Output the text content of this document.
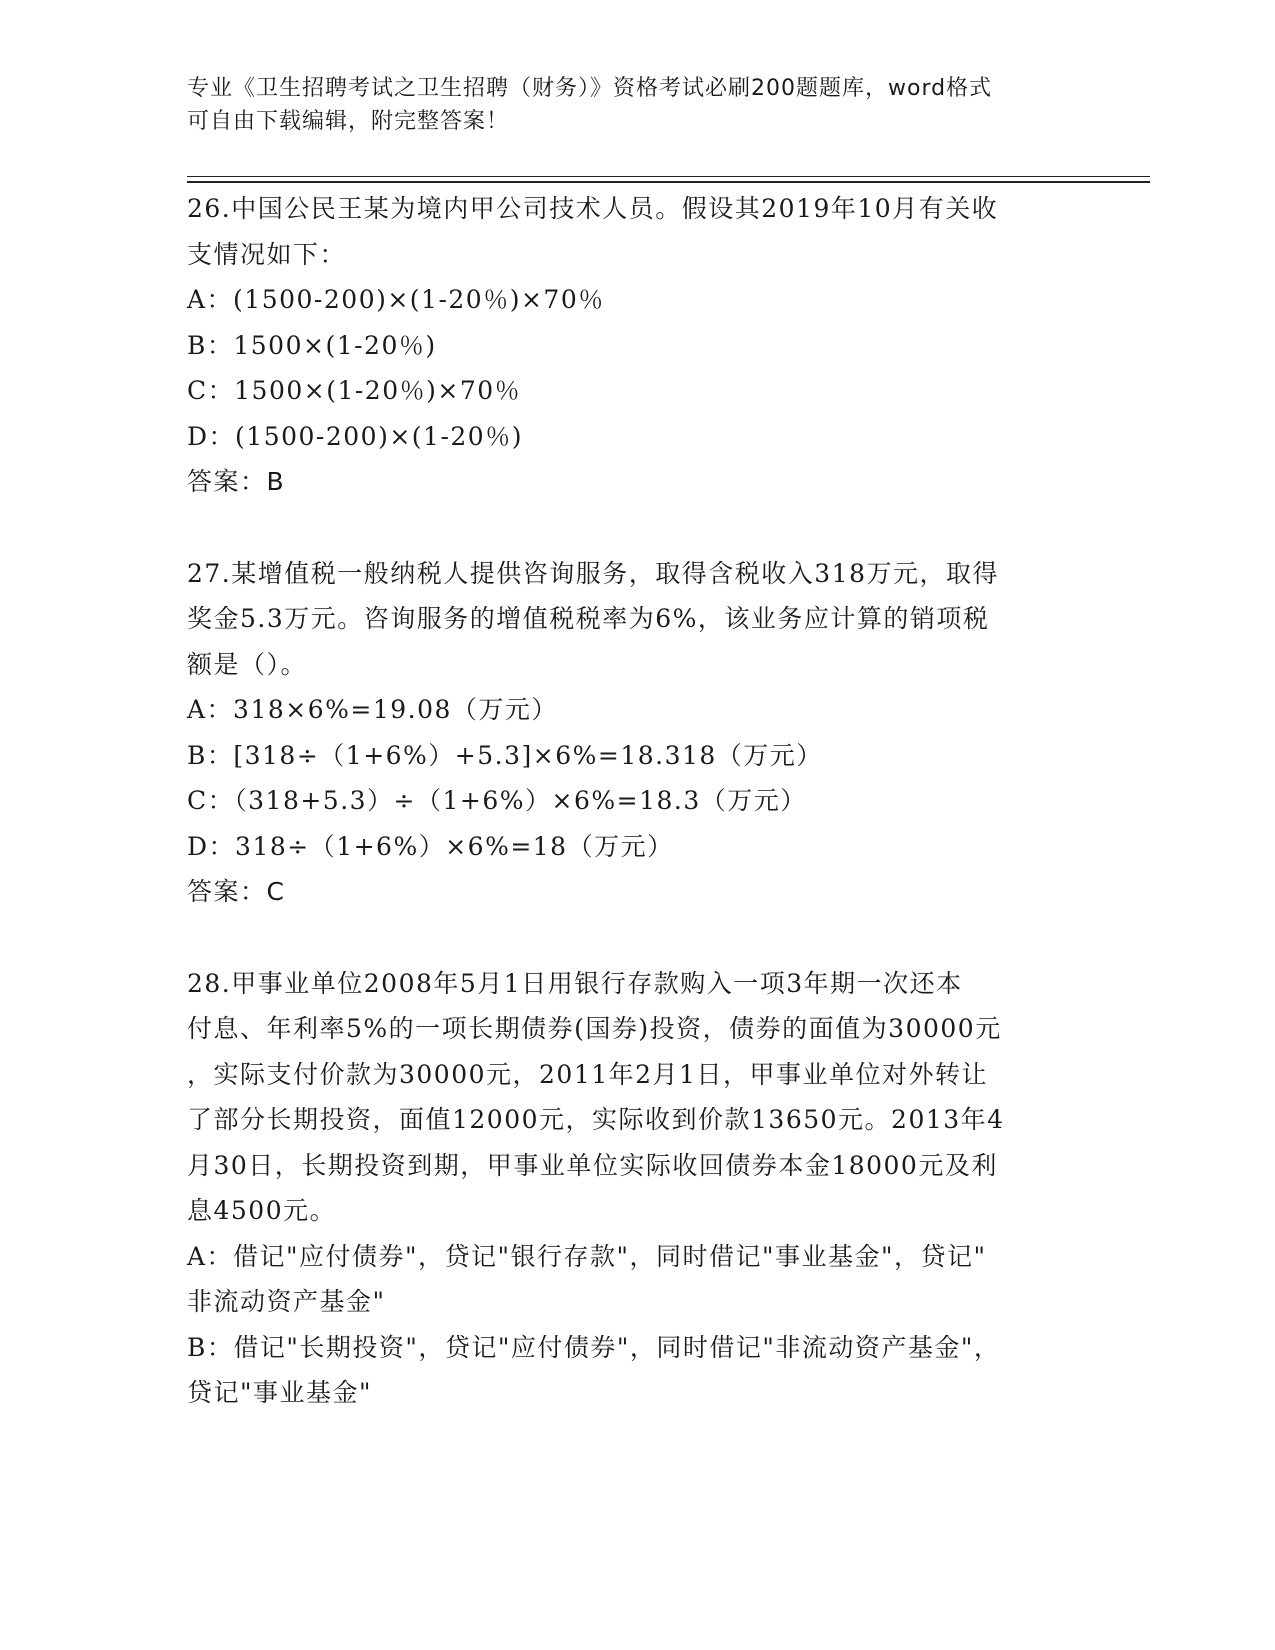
专业《卫生招聘考试之卫生招聘（财务）》资格考试必刷200题题库，word格式
可自由下载编辑，附完整答案！
26.中国公民王某为境内甲公司技术人员。假设其2019年10月有关收
支情况如下：
A：(1500-200)×(1-20％)×70％
B：1500×(1-20％)
C：1500×(1-20％)×70％
D：(1500-200)×(1-20％)
答案：B
27.某增值税一般纳税人提供咨询服务，取得含税收入318万元，取得
奖金5.3万元。咨询服务的增值税税率为6%，该业务应计算的销项税
额是（）。
A：318×6%=19.08（万元）
B：[318÷（1+6%）+5.3]×6%=18.318（万元）
C：（318+5.3）÷（1+6%）×6%=18.3（万元）
D：318÷（1+6%）×6%=18（万元）
答案：C
28.甲事业单位2008年5月1日用银行存款购入一项3年期一次还本
付息、年利率5%的一项长期债券(国券)投资，债券的面值为30000元
，实际支付价款为30000元，2011年2月1日，甲事业单位对外转让
了部分长期投资，面值12000元，实际收到价款13650元。2013年4
月30日，长期投资到期，甲事业单位实际收回债券本金18000元及利
息4500元。
A：借记"应付债券"，贷记"银行存款"，同时借记"事业基金"，贷记"
非流动资产基金"
B：借记"长期投资"，贷记"应付债券"，同时借记"非流动资产基金"，
贷记"事业基金"
